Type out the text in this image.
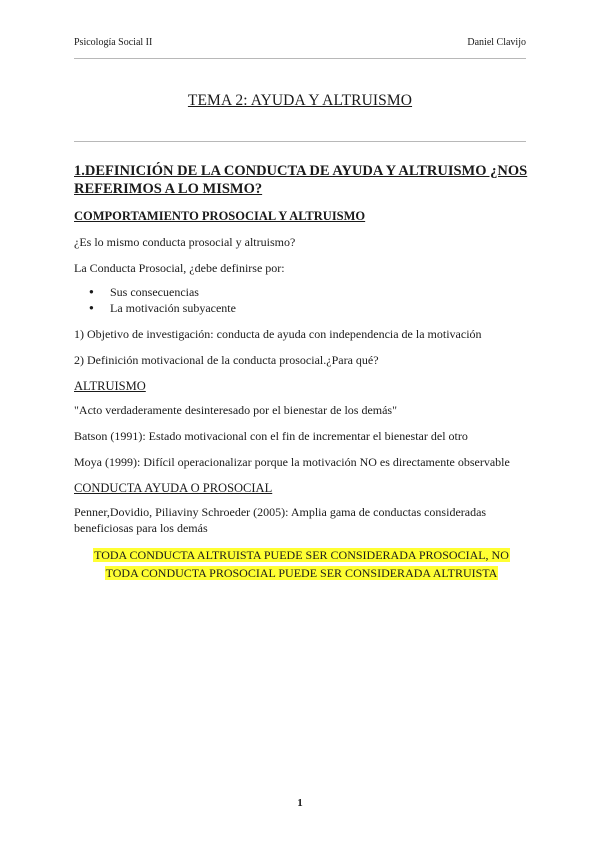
Psicología Social II	Daniel Clavijo
TEMA 2: AYUDA Y ALTRUISMO
1.DEFINICIÓN DE LA CONDUCTA DE AYUDA Y ALTRUISMO ¿NOS REFERIMOS A LO MISMO?
COMPORTAMIENTO PROSOCIAL Y ALTRUISMO

¿Es lo mismo conducta prosocial y altruismo?

La Conducta Prosocial, ¿debe definirse por:

● Sus consecuencias
● La motivación subyacente

1) Objetivo de investigación: conducta de ayuda con independencia de la motivación

2) Definición motivacional de la conducta prosocial.¿Para qué?

ALTRUISMO

"Acto verdaderamente desinteresado por el bienestar de los demás"

Batson (1991): Estado motivacional con el fin de incrementar el bienestar del otro

Moya (1999): Difícil operacionalizar porque la motivación NO es directamente observable

CONDUCTA AYUDA O PROSOCIAL

Penner,Dovidio, Piliaviny Schroeder (2005): Amplia gama de conductas consideradas beneficiosas para los demás

TODA CONDUCTA ALTRUISTA PUEDE SER CONSIDERADA PROSOCIAL, NO
TODA CONDUCTA PROSOCIAL PUEDE SER CONSIDERADA ALTRUISTA
1
